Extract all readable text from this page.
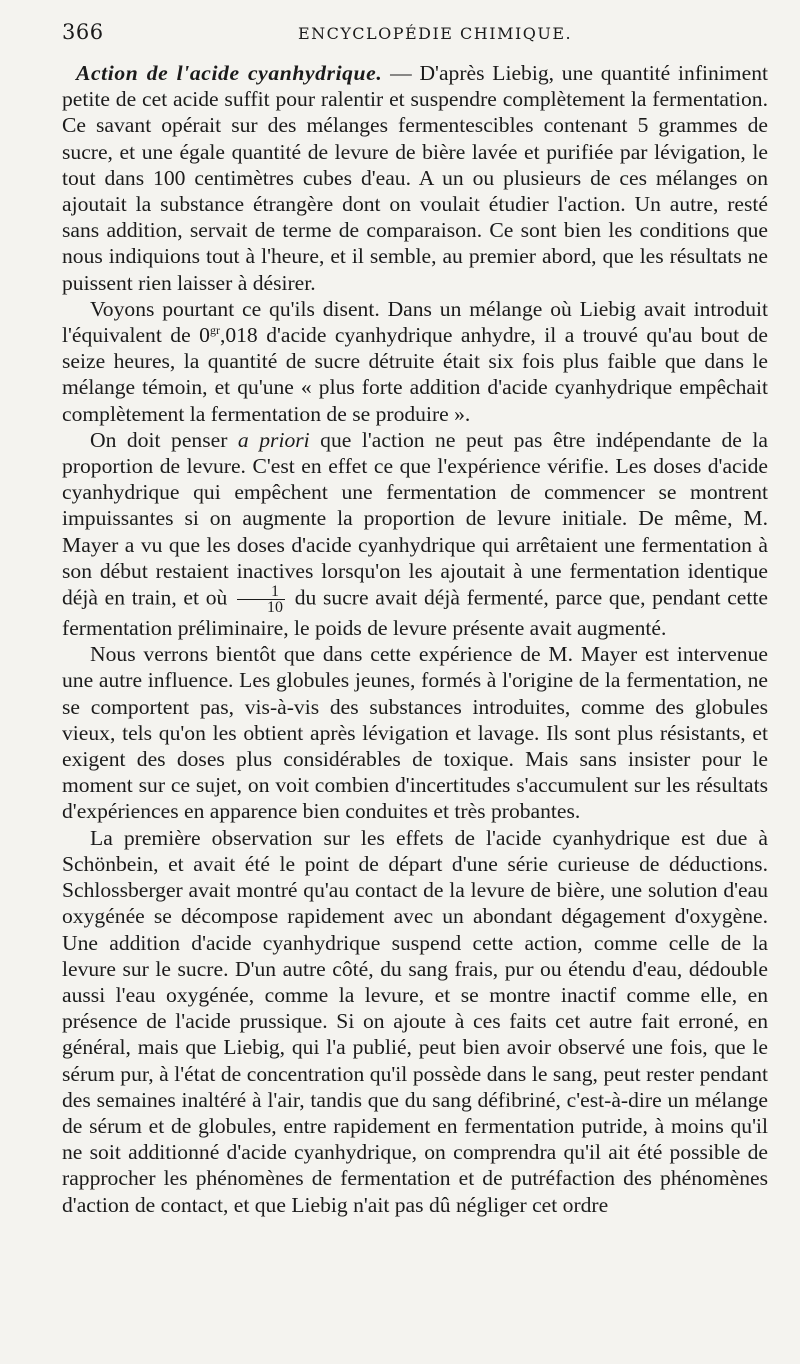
366	ENCYCLOPÉDIE CHIMIQUE.

Action de l'acide cyanhydrique. — D'après Liebig, une quantité infiniment petite de cet acide suffit pour ralentir et suspendre complètement la fermentation. Ce savant opérait sur des mélanges fermentescibles contenant 5 grammes de sucre, et une égale quantité de levure de bière lavée et purifiée par lévigation, le tout dans 100 centimètres cubes d'eau. A un ou plusieurs de ces mélanges on ajoutait la substance étrangère dont on voulait étudier l'action. Un autre, resté sans addition, servait de terme de comparaison. Ce sont bien les conditions que nous indiquions tout à l'heure, et il semble, au premier abord, que les résultats ne puissent rien laisser à désirer.

Voyons pourtant ce qu'ils disent. Dans un mélange où Liebig avait introduit l'équivalent de $0^{gr},018$ d'acide cyanhydrique anhydre, il a trouvé qu'au bout de seize heures, la quantité de sucre détruite était six fois plus faible que dans le mélange témoin, et qu'une « plus forte addition d'acide cyanhydrique empêchait complètement la fermentation de se produire ».

On doit penser a priori que l'action ne peut pas être indépendante de la proportion de levure. C'est en effet ce que l'expérience vérifie. Les doses d'acide cyanhydrique qui empêchent une fermentation de commencer se montrent impuissantes si on augmente la proportion de levure initiale. De même, M. Mayer a vu que les doses d'acide cyanhydrique qui arrêtaient une fermentation à son début restaient inactives lorsqu'on les ajoutait à une fermentation identique déjà en train, et où $\frac{1}{10}$ du sucre avait déjà fermenté, parce que, pendant cette fermentation préliminaire, le poids de levure présente avait augmenté.

Nous verrons bientôt que dans cette expérience de M. Mayer est intervenue une autre influence. Les globules jeunes, formés à l'origine de la fermentation, ne se comportent pas, vis-à-vis des substances introduites, comme des globules vieux, tels qu'on les obtient après lévigation et lavage. Ils sont plus résistants, et exigent des doses plus considérables de toxique. Mais sans insister pour le moment sur ce sujet, on voit combien d'incertitudes s'accumulent sur les résultats d'expériences en apparence bien conduites et très probantes.

La première observation sur les effets de l'acide cyanhydrique est due à Schönbein, et avait été le point de départ d'une série curieuse de déductions. Schlossberger avait montré qu'au contact de la levure de bière, une solution d'eau oxygénée se décompose rapidement avec un abondant dégagement d'oxygène. Une addition d'acide cyanhydrique suspend cette action, comme celle de la levure sur le sucre. D'un autre côté, du sang frais, pur ou étendu d'eau, dédouble aussi l'eau oxygénée, comme la levure, et se montre inactif comme elle, en présence de l'acide prussique. Si on ajoute à ces faits cet autre fait erroné, en général, mais que Liebig, qui l'a publié, peut bien avoir observé une fois, que le sérum pur, à l'état de concentration qu'il possède dans le sang, peut rester pendant des semaines inaltéré à l'air, tandis que du sang défibriné, c'est-à-dire un mélange de sérum et de globules, entre rapidement en fermentation putride, à moins qu'il ne soit additionné d'acide cyanhydrique, on comprendra qu'il ait été possible de rapprocher les phénomènes de fermentation et de putréfaction des phénomènes d'action de contact, et que Liebig n'ait pas dû négliger cet ordre
